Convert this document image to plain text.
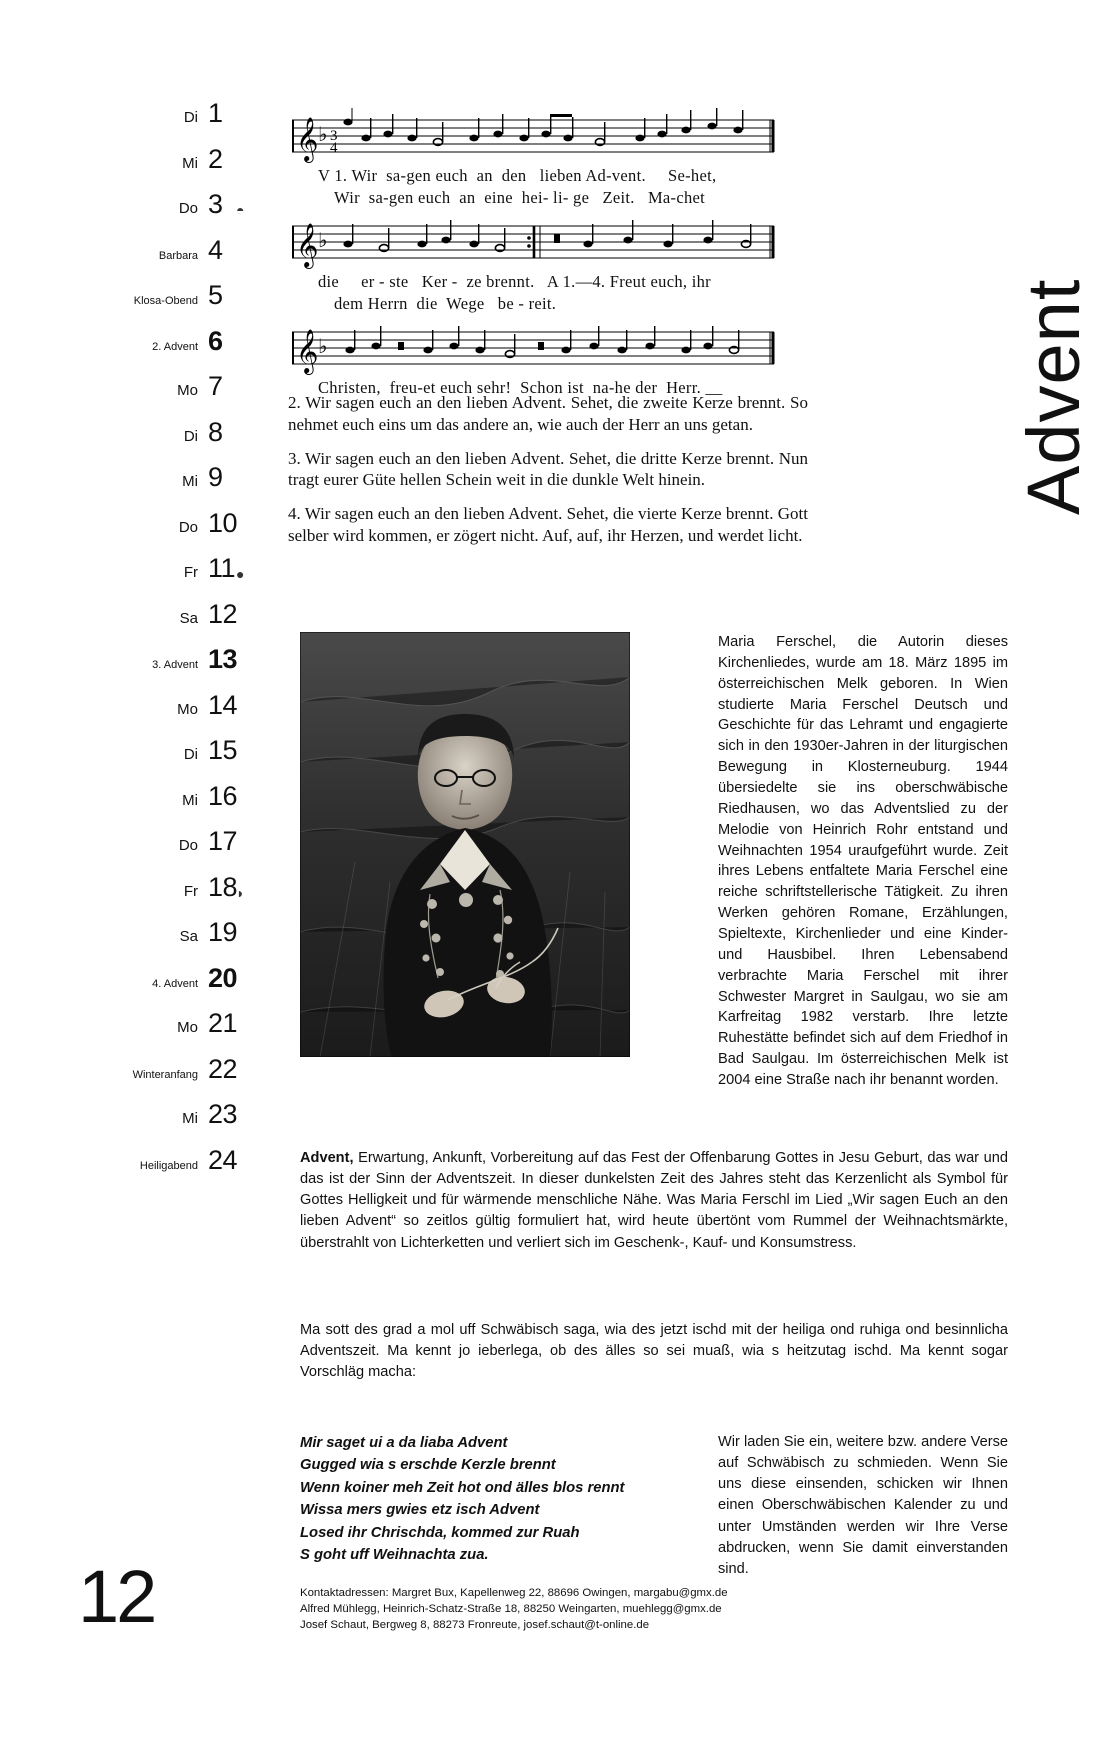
Di 1
Mi 2
Do 3 ◓
Barbara 4
Klosa-Obend 5
2. Advent 6
Mo 7
Di 8
Mi 9
Do 10
Fr 11 ●
Sa 12
3. Advent 13
Mo 14
Di 15
Mi 16
Do 17
Fr 18
◗
Sa 19
4. Advent 20
Mo 21
Winteranfang 22
Mi 23
Heiligabend 24
12
Advent
𝄞 ♭ 3
4
V 1. Wir  sa-gen euch  an  den   lieben Ad-vent.     Se-het,
Wir  sa-gen euch  an  eine  hei- li- ge   Zeit.   Ma-chet
𝄞 ♭
die     er - ste   Ker -  ze brennt.   A 1.—4. Freut euch, ihr
dem Herrn  die  Wege   be - reit.
𝄞 ♭
Christen,  freu-et euch sehr!  Schon ist  na-he der  Herr. __

2. Wir sagen euch an den lieben Advent. Sehet, die zweite Kerze brennt. So nehmet euch eins um das andere an, wie auch der Herr an uns getan.

3. Wir sagen euch an den lieben Advent. Sehet, die dritte Kerze brennt. Nun tragt eurer Güte hellen Schein weit in die dunkle Welt hinein.

4. Wir sagen euch an den lieben Advent. Sehet, die vierte Kerze brennt. Gott selber wird kommen, er zögert nicht. Auf, auf, ihr Herzen, und werdet licht.

Maria Ferschel, die Autorin dieses Kirchenliedes, wurde am 18. März 1895 im österreichischen Melk geboren. In Wien studierte Maria Ferschel Deutsch und Geschichte für das Lehramt und engagierte sich in den 1930er-Jahren in der liturgischen Bewegung in Klosterneuburg. 1944 übersiedelte sie ins oberschwäbische Riedhausen, wo das Adventslied zu der Melodie von Heinrich Rohr entstand und Weihnachten 1954 uraufgeführt wurde. Zeit ihres Lebens entfaltete Maria Ferschel eine reiche schriftstellerische Tätigkeit. Zu ihren Werken gehören Romane, Erzählungen, Spieltexte, Kirchenlieder und eine Kinder- und Hausbibel. Ihren Lebensabend verbrachte Maria Ferschel mit ihrer Schwester Margret in Saulgau, wo sie am Karfreitag 1982 verstarb. Ihre letzte Ruhestätte befindet sich auf dem Friedhof in Bad Saulgau. Im österreichischen Melk ist 2004 eine Straße nach ihr benannt worden.
Advent, Erwartung, Ankunft, Vorbereitung auf das Fest der Offenbarung Gottes in Jesu Geburt, das war und das ist der Sinn der Adventszeit. In dieser dunkelsten Zeit des Jahres steht das Kerzenlicht als Symbol für Gottes Helligkeit und für wärmende menschliche Nähe. Was Maria Ferschl im Lied „Wir sagen Euch an den lieben Advent“ so zeitlos gültig formuliert hat, wird heute übertönt vom Rummel der Weihnachtsmärkte, überstrahlt von Lichterketten und verliert sich im Geschenk-, Kauf- und Konsumstress.
Ma sott des grad a mol uff Schwäbisch saga, wia des jetzt ischd mit der heiliga ond ruhiga ond besinnlicha Adventszeit. Ma kennt jo ieberlega, ob des älles so sei muaß, wia s heitzutag ischd. Ma kennt sogar Vorschläg macha:
Mir saget ui a da liaba Advent
Gugged wia s erschde Kerzle brennt
Wenn koiner meh Zeit hot ond älles blos rennt
Wissa mers gwies etz isch Advent
Losed ihr Chrischda, kommed zur Ruah
S goht uff Weihnachta zua.
Wir laden Sie ein, weitere bzw. andere Verse auf Schwäbisch zu schmieden. Wenn Sie uns diese einsenden, schicken wir Ihnen einen Oberschwäbischen Kalender zu und unter Umständen werden wir Ihre Verse abdrucken, wenn Sie damit einverstanden sind.
Kontaktadressen: Margret Bux, Kapellenweg 22, 88696 Owingen, margabu@gmx.de
Alfred Mühlegg, Heinrich-Schatz-Straße 18, 88250 Weingarten, muehlegg@gmx.de
Josef Schaut, Bergweg 8, 88273 Fronreute, josef.schaut@t-online.de
